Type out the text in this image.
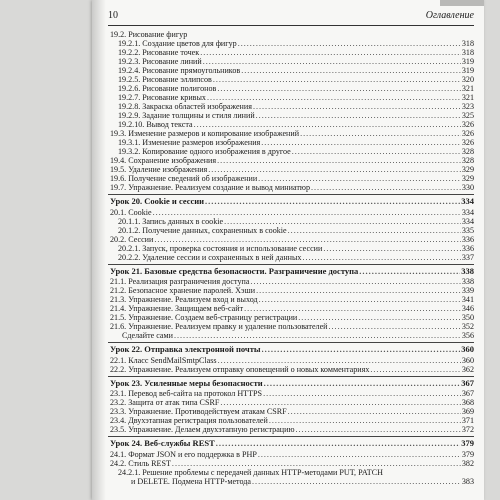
10	Оглавление
19.2. Рисование фигур
19.2.1. Создание цветов для фигур .....	318
19.2.2. Рисование точек .....	318
19.2.3. Рисование линий .....	319
19.2.4. Рисование прямоугольников .....	319
19.2.5. Рисование эллипсов .....	320
19.2.6. Рисование полигонов .....	321
19.2.7. Рисование кривых .....	321
19.2.8. Закраска областей изображения .....	323
19.2.9. Задание толщины и стиля линий .....	325
19.2.10. Вывод текста .....	326
19.3. Изменение размеров и копирование изображений .....	326
19.3.1. Изменение размеров изображения .....	326
19.3.2. Копирование одного изображения в другое .....	328
19.4. Сохранение изображения .....	328
19.5. Удаление изображения .....	329
19.6. Получение сведений об изображении .....	329
19.7. Упражнение. Реализуем создание и вывод миниатюр .....	330
Урок 20. Cookie и сессии .....	334
20.1. Cookie .....	334
20.1.1. Запись данных в cookie .....	334
20.1.2. Получение данных, сохраненных в cookie .....	335
20.2. Сессии .....	336
20.2.1. Запуск, проверка состояния и использование сессии .....	336
20.2.2. Удаление сессии и сохраненных в ней данных .....	337
Урок 21. Базовые средства безопасности. Разграничение доступа .....	338
21.1. Реализация разграничения доступа .....	338
21.2. Безопасное хранение паролей. Хэши .....	339
21.3. Упражнение. Реализуем вход и выход .....	341
21.4. Упражнение. Защищаем веб-сайт .....	346
21.5. Упражнение. Создаем веб-страницу регистрации .....	350
21.6. Упражнение. Реализуем правку и удаление пользователей .....	352
Сделайте сами .....	356
Урок 22. Отправка электронной почты .....	360
22.1. Класс SendMailSmtpClass .....	360
22.2. Упражнение. Реализуем отправку оповещений о новых комментариях .....	362
Урок 23. Усиленные меры безопасности .....	367
23.1. Перевод веб-сайта на протокол HTTPS .....	367
23.2. Защита от атак типа CSRF .....	368
23.3. Упражнение. Противодействуем атакам CSRF .....	369
23.4. Двухэтапная регистрация пользователей .....	371
23.5. Упражнение. Делаем двухэтапную регистрацию .....	372
Урок 24. Веб-службы REST .....	379
24.1. Формат JSON и его поддержка в PHP .....	379
24.2. Стиль REST .....	382
24.2.1. Решение проблемы с передачей данных HTTP-методами PUT, PATCH
и DELETE. Подмена HTTP-метода .....	383
